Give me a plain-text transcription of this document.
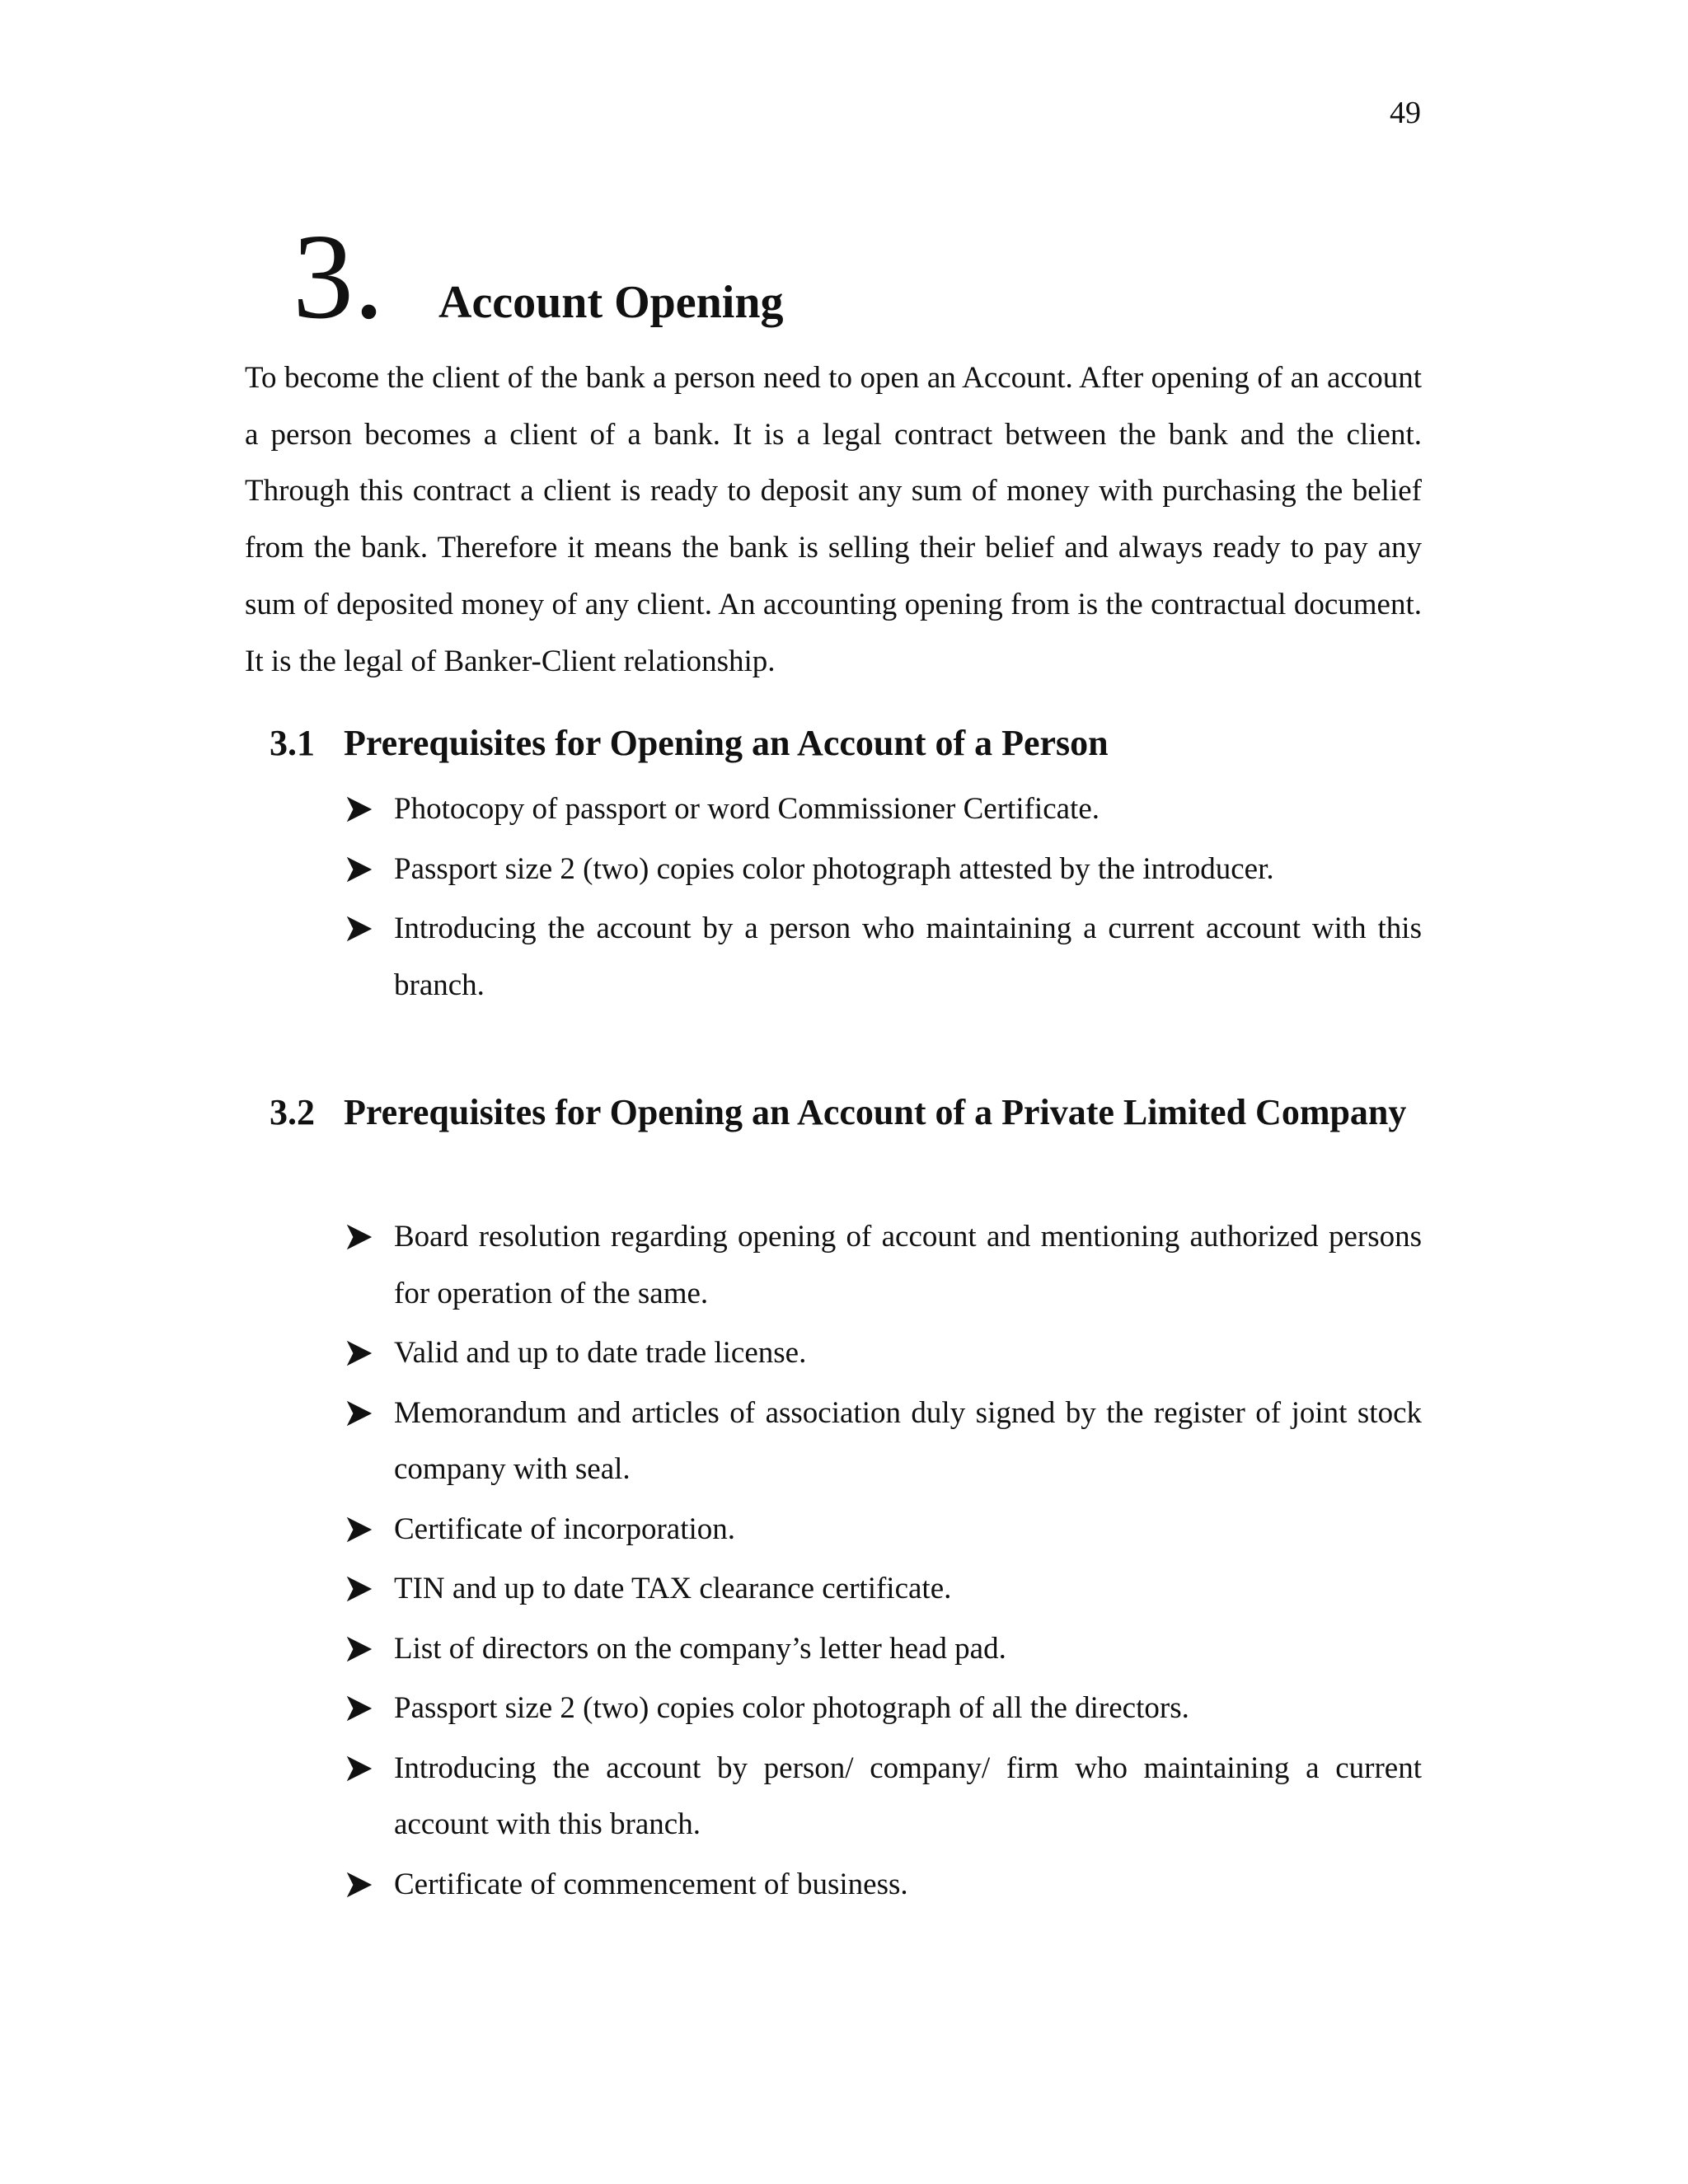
49
3. Account Opening

To become the client of the bank a person need to open an Account. After opening of an account a person becomes a client of a bank. It is a legal contract between the bank and the client. Through this contract a client is ready to deposit any sum of money with purchasing the belief from the bank. Therefore it means the bank is selling their belief and always ready to pay any sum of deposited money of any client. An accounting opening from is the contractual document. It is the legal of Banker-Client relationship.

3.1 Prerequisites for Opening an Account of a Person
Photocopy of passport or word Commissioner Certificate.
Passport size 2 (two) copies color photograph attested by the introducer.
Introducing the account by a person who maintaining a current account with this branch.
3.2 Prerequisites for Opening an Account of a Private Limited Company
Board resolution regarding opening of account and mentioning authorized persons for operation of the same.
Valid and up to date trade license.
Memorandum and articles of association duly signed by the register of joint stock company with seal.
Certificate of incorporation.
TIN and up to date TAX clearance certificate.
List of directors on the company’s letter head pad.
Passport size 2 (two) copies color photograph of all the directors.
Introducing the account by person/ company/ firm who maintaining a current account with this branch.
Certificate of commencement of business.
